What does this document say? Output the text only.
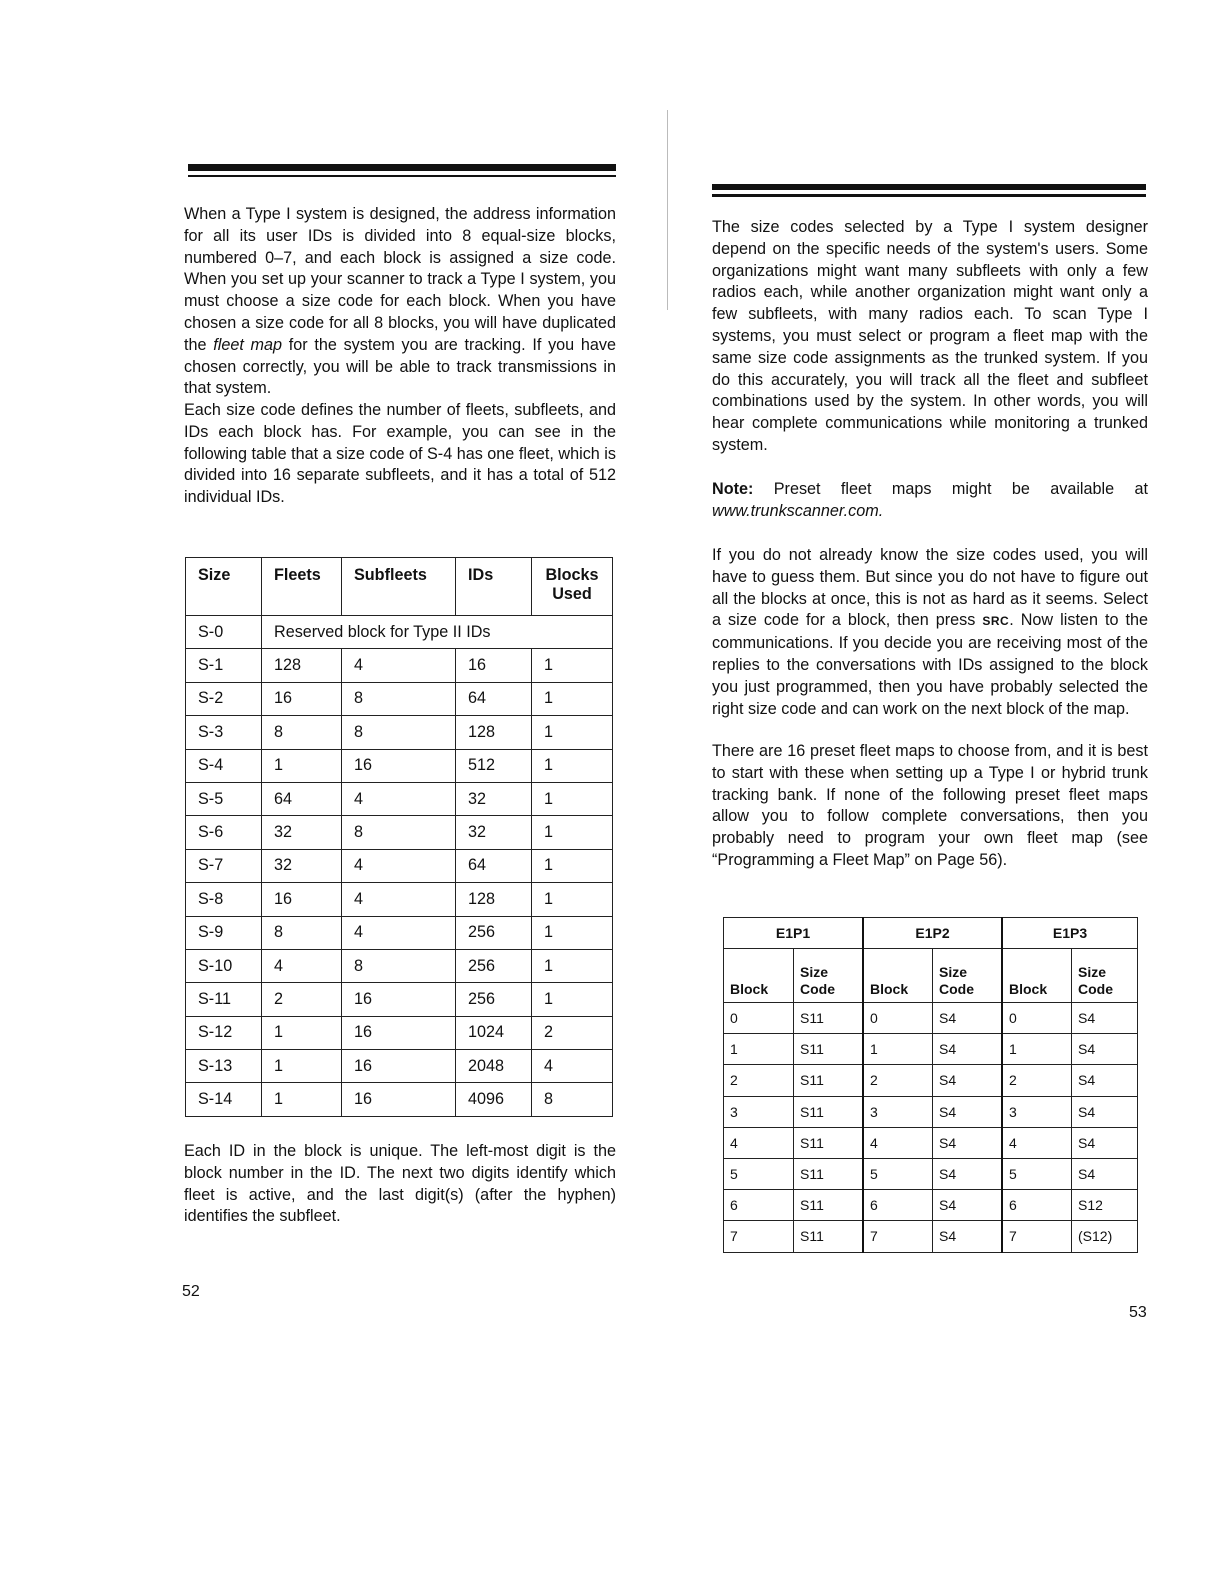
When a Type I system is designed, the address information for all its user IDs is divided into 8 equal-size blocks, numbered 0–7, and each block is assigned a size code. When you set up your scanner to track a Type I system, you must choose a size code for each block. When you have chosen a size code for all 8 blocks, you will have duplicated the fleet map for the system you are tracking. If you have chosen correctly, you will be able to track transmissions in that system.

Each size code defines the number of fleets, subfleets, and IDs each block has. For example, you can see in the following table that a size code of S-4 has one fleet, which is divided into 16 separate subfleets, and it has a total of 512 individual IDs.

Size	Fleets	Subfleets	IDs	Blocks Used
S-0	Reserved block for Type II IDs			
S-1	128	4	16	1
S-2	16	8	64	1
S-3	8	8	128	1
S-4	1	16	512	1
S-5	64	4	32	1
S-6	32	8	32	1
S-7	32	4	64	1
S-8	16	4	128	1
S-9	8	4	256	1
S-10	4	8	256	1
S-11	2	16	256	1
S-12	1	16	1024	2
S-13	1	16	2048	4
S-14	1	16	4096	8

Each ID in the block is unique. The left-most digit is the block number in the ID. The next two digits identify which fleet is active, and the last digit(s) (after the hyphen) identifies the subfleet.

52

The size codes selected by a Type I system designer depend on the specific needs of the system's users. Some organizations might want many subfleets with only a few radios each, while another organization might want only a few subfleets, with many radios each. To scan Type I systems, you must select or program a fleet map with the same size code assignments as the trunked system. If you do this accurately, you will track all the fleet and subfleet combinations used by the system. In other words, you will hear complete communications while monitoring a trunked system.

Note: Preset fleet maps might be available at www.trunkscanner.com.

If you do not already know the size codes used, you will have to guess them. But since you do not have to figure out all the blocks at once, this is not as hard as it seems. Select a size code for a block, then press SRC. Now listen to the communications. If you decide you are receiving most of the replies to the conversations with IDs assigned to the block you just programmed, then you have probably selected the right size code and can work on the next block of the map.

There are 16 preset fleet maps to choose from, and it is best to start with these when setting up a Type I or hybrid trunk tracking bank. If none of the following preset fleet maps allow you to follow complete conversations, then you probably need to program your own fleet map (see “Programming a Fleet Map” on Page 56).

E1P1		E1P2		E1P3	
Block	Size Code	Block	Size Code	Block	Size Code
0	S11	0	S4	0	S4
1	S11	1	S4	1	S4
2	S11	2	S4	2	S4
3	S11	3	S4	3	S4
4	S11	4	S4	4	S4
5	S11	5	S4	5	S4
6	S11	6	S4	6	S12
7	S11	7	S4	7	(S12)
53
